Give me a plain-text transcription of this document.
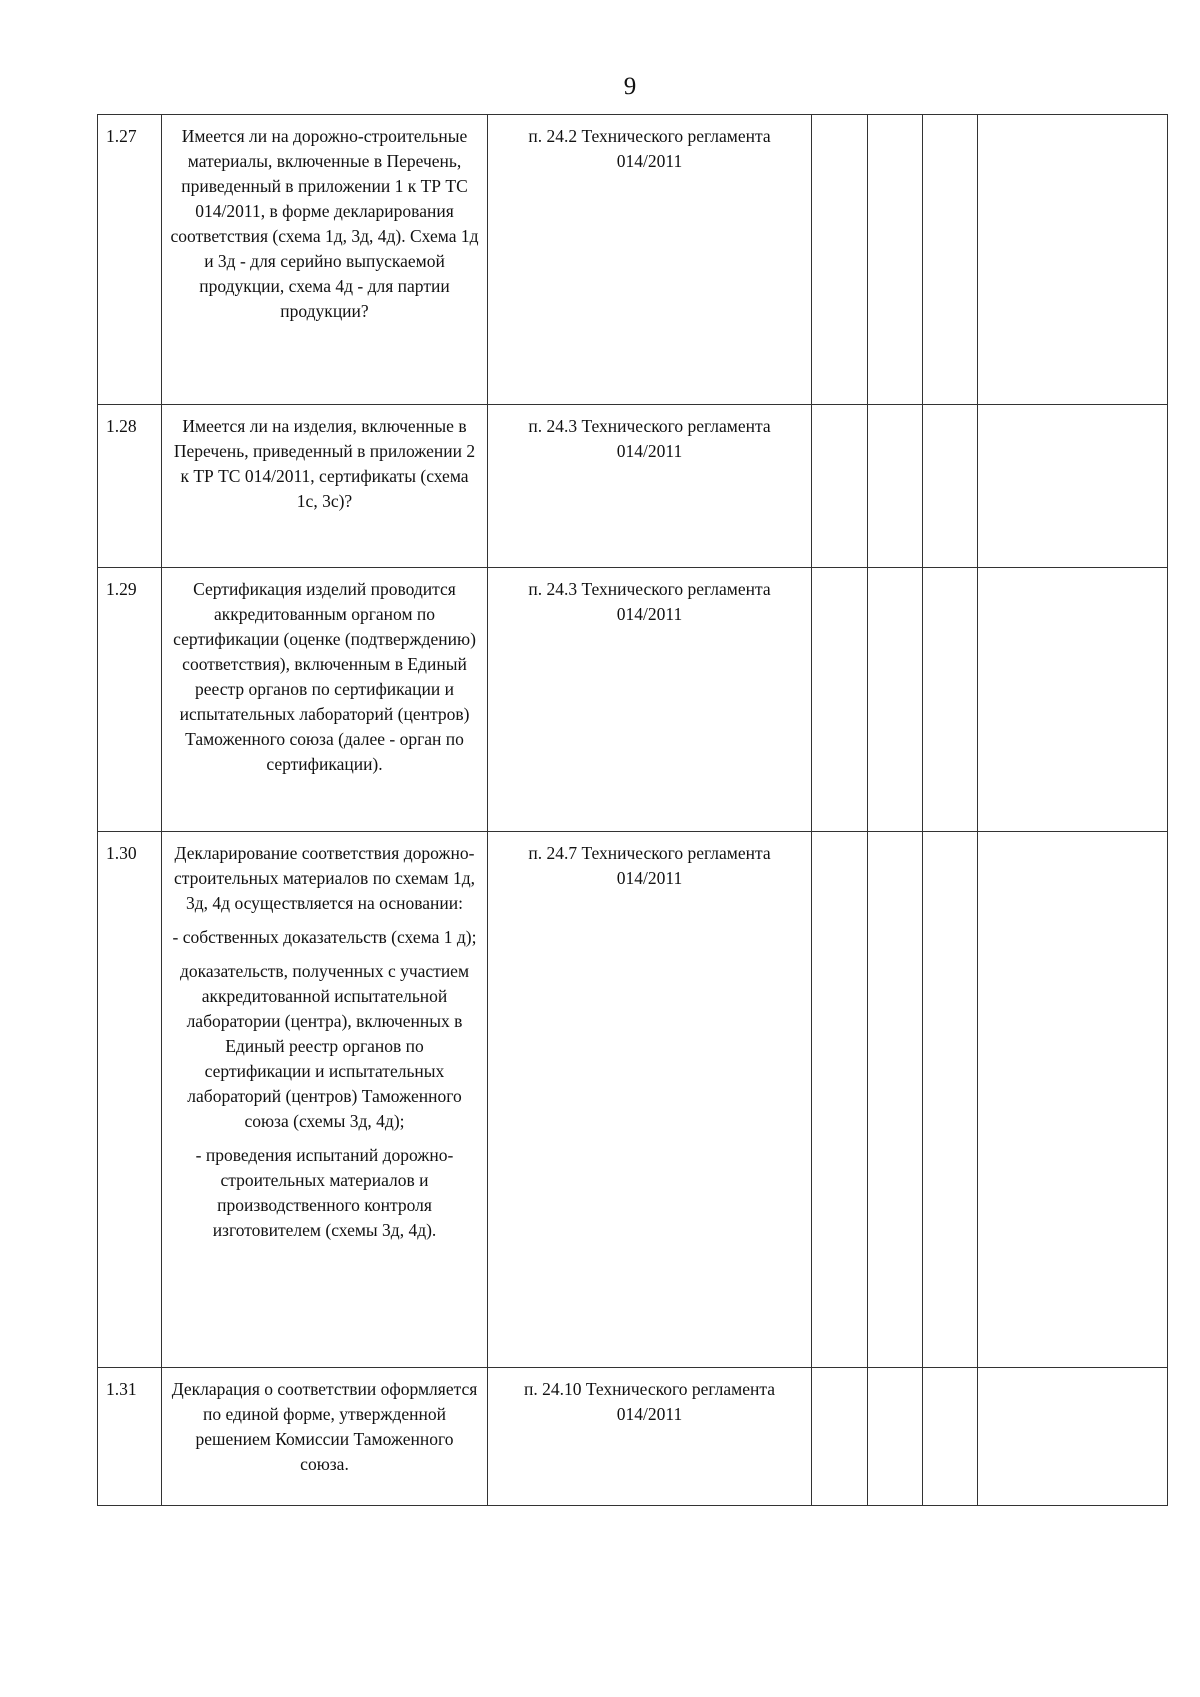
9
1.27	Имеется ли на дорожно-строительные материалы, включенные в Перечень, приведенный в приложении 1 к ТР ТС 014/2011, в форме декларирования соответствия (схема 1д, 3д, 4д). Схема 1д и 3д - для серийно выпускаемой продукции, схема 4д - для партии продукции?	п. 24.2 Технического регламента 014/2011				
1.28	Имеется ли на изделия, включенные в Перечень, приведенный в приложении 2 к ТР ТС 014/2011, сертификаты (схема 1с, 3с)?	п. 24.3 Технического регламента 014/2011				
1.29	Сертификация изделий проводится аккредитованным органом по сертификации (оценке (подтверждению) соответствия), включенным в Единый реестр органов по сертификации и испытательных лабораторий (центров) Таможенного союза (далее - орган по сертификации).	п. 24.3 Технического регламента 014/2011				
1.30	Декларирование соответствия дорожно-строительных материалов по схемам 1д, 3д, 4д осуществляется на основании:

- собственных доказательств (схема 1 д);

доказательств, полученных с участием аккредитованной испытательной лаборатории (центра), включенных в Единый реестр органов по сертификации и испытательных лабораторий (центров) Таможенного союза (схемы 3д, 4д);

- проведения испытаний дорожно-строительных материалов и производственного контроля изготовителем (схемы 3д, 4д).	п. 24.7 Технического регламента 014/2011				
1.31	Декларация о соответствии оформляется по единой форме, утвержденной решением Комиссии Таможенного союза.	п. 24.10 Технического регламента 014/2011				
